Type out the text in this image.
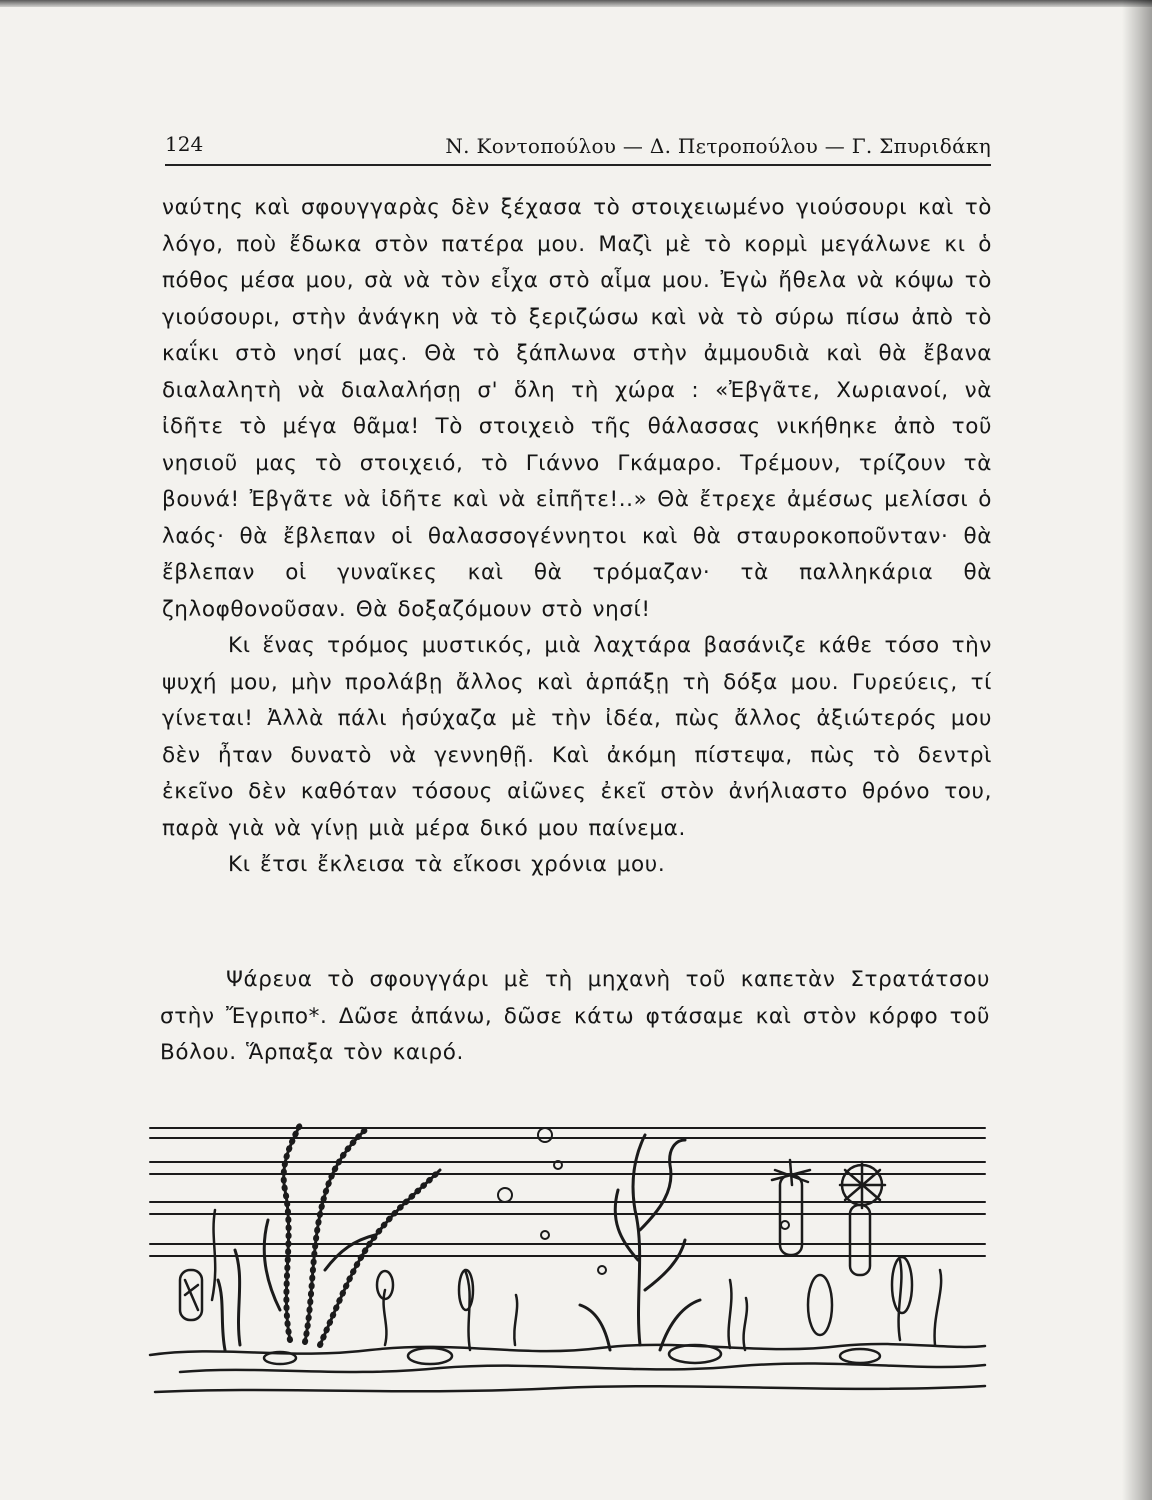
124	Ν. Κοντοπούλου — Δ. Πετροπούλου — Γ. Σπυριδάκη

ναύτης καὶ σφουγγαρὰς δὲν ξέχασα τὸ στοιχειωμένο γιούσουρι καὶ τὸ λόγο, ποὺ ἔδωκα στὸν πατέρα μου. Μαζὶ μὲ τὸ κορμὶ μεγάλωνε κι ὁ πόθος μέσα μου, σὰ νὰ τὸν εἶχα στὸ αἷμα μου. Ἐγὼ ἤθελα νὰ κόψω τὸ γιούσουρι, στὴν ἀνάγκη νὰ τὸ ξεριζώσω καὶ νὰ τὸ σύρω πίσω ἀπὸ τὸ καΐκι στὸ νησί μας. Θὰ τὸ ξάπλωνα στὴν ἀμμουδιὰ καὶ θὰ ἔβανα διαλαλητὴ νὰ διαλαλήσῃ σ' ὅλη τὴ χώρα : «Ἐβγᾶτε, Χωριανοί, νὰ ἰδῆτε τὸ μέγα θᾶμα! Τὸ στοιχειὸ τῆς θάλασσας νικήθηκε ἀπὸ τοῦ νησιοῦ μας τὸ στοιχειό, τὸ Γιάννο Γκάμαρο. Τρέμουν, τρίζουν τὰ βουνά! Ἐβγᾶτε νὰ ἰδῆτε καὶ νὰ εἰπῆτε!..» Θὰ ἔτρεχε ἀμέσως μελίσσι ὁ λαός· θὰ ἔβλεπαν οἱ θαλασσογέννητοι καὶ θὰ σταυροκοποῦνταν· θὰ ἔβλεπαν οἱ γυναῖκες καὶ θὰ τρόμαζαν· τὰ παλληκάρια θὰ ζηλοφθονοῦσαν. Θὰ δοξαζόμουν στὸ νησί!

Κι ἕνας τρόμος μυστικός, μιὰ λαχτάρα βασάνιζε κάθε τόσο τὴν ψυχή μου, μὴν προλάβῃ ἄλλος καὶ ἁρπάξῃ τὴ δόξα μου. Γυρεύεις, τί γίνεται! Ἀλλὰ πάλι ἡσύχαζα μὲ τὴν ἰδέα, πὼς ἄλλος ἀξιώτερός μου δὲν ἦταν δυνατὸ νὰ γεννηθῇ. Καὶ ἀκόμη πίστεψα, πὼς τὸ δεντρὶ ἐκεῖνο δὲν καθόταν τόσους αἰῶνες ἐκεῖ στὸν ἀνήλιαστο θρόνο του, παρὰ γιὰ νὰ γίνῃ μιὰ μέρα δικό μου παίνεμα.

Κι ἔτσι ἔκλεισα τὰ εἴκοσι χρόνια μου.

Ψάρευα τὸ σφουγγάρι μὲ τὴ μηχανὴ τοῦ καπετὰν Στρατάτσου στὴν Ἔγριπο*. Δῶσε ἀπάνω, δῶσε κάτω φτάσαμε καὶ στὸν κόρφο τοῦ Βόλου. Ἅρπαξα τὸν καιρό.
